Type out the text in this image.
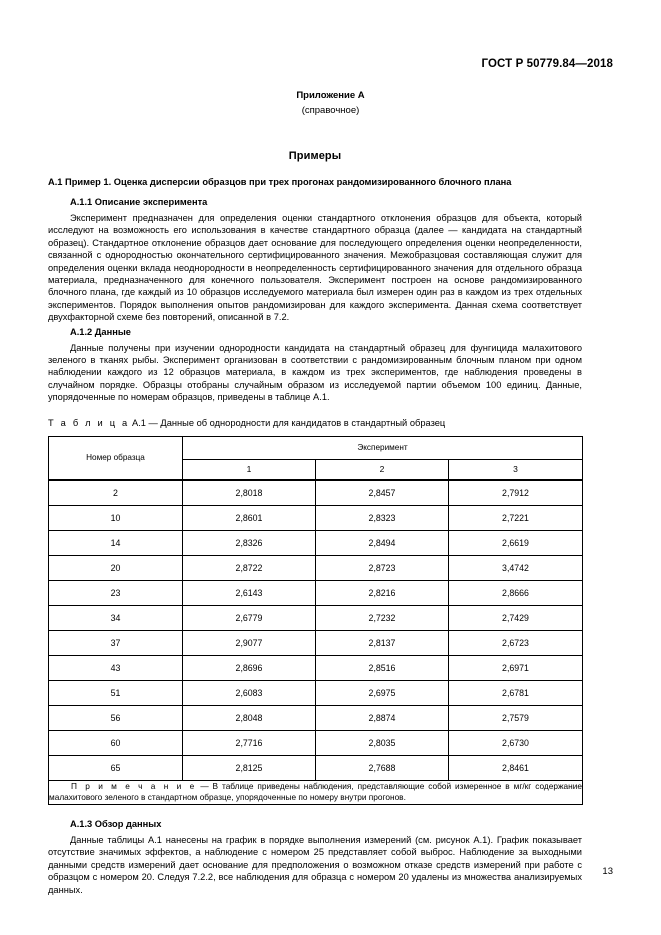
ГОСТ Р 50779.84—2018
Приложение А
(справочное)
Примеры
А.1 Пример 1. Оценка дисперсии образцов при трех прогонах рандомизированного блочного плана
А.1.1 Описание эксперимента

Эксперимент предназначен для определения оценки стандартного отклонения образцов для объекта, который исследуют на возможность его использования в качестве стандартного образца (далее — кандидата на стандартный образец). Стандартное отклонение образцов дает основание для последующего определения оценки неопределенности, связанной с однородностью окончательного сертифицированного значения. Межобразцовая составляющая служит для определения оценки вклада неоднородности в неопределенность сертифицированного значения для отдельного образца материала, предназначенного для конечного пользователя. Эксперимент построен на основе рандомизированного блочного плана, где каждый из 10 образцов исследуемого материала был измерен один раз в каждом из трех отдельных экспериментов. Порядок выполнения опытов рандомизирован для каждого эксперимента. Данная схема соответствует двухфакторной схеме без повторений, описанной в 7.2.

А.1.2 Данные

Данные получены при изучении однородности кандидата на стандартный образец для фунгицида малахитового зеленого в тканях рыбы. Эксперимент организован в соответствии с рандомизированным блочным планом при одном наблюдении каждого из 12 образцов материала, в каждом из трех экспериментов, где наблюдения проведены в случайном порядке. Образцы отобраны случайным образом из исследуемой партии объемом 100 единиц. Данные, упорядоченные по номерам образцов, приведены в таблице А.1.

Т а б л и ц а А.1 — Данные об однородности для кандидатов в стандартный образец
Номер образца	Эксперимент		
	1	2	3
2	2,8018	2,8457	2,7912
10	2,8601	2,8323	2,7221
14	2,8326	2,8494	2,6619
20	2,8722	2,8723	3,4742
23	2,6143	2,8216	2,8666
34	2,6779	2,7232	2,7429
37	2,9077	2,8137	2,6723
43	2,8696	2,8516	2,6971
51	2,6083	2,6975	2,6781
56	2,8048	2,8874	2,7579
60	2,7716	2,8035	2,6730
65	2,8125	2,7688	2,8461

П р и м е ч а н и е — В таблице приведены наблюдения, представляющие собой измеренное в мг/кг содержание малахитового зеленого в стандартном образце, упорядоченные по номеру внутри прогонов.			
А.1.3 Обзор данных

Данные таблицы А.1 нанесены на график в порядке выполнения измерений (см. рисунок А.1). График показывает отсутствие значимых эффектов, а наблюдение с номером 25 представляет собой выброс. Наблюдение за выходными данными средств измерений дает основание для предположения о возможном отказе средств измерений при работе с образцом с номером 20. Следуя 7.2.2, все наблюдения для образца с номером 20 удалены из множества анализируемых данных.

13
